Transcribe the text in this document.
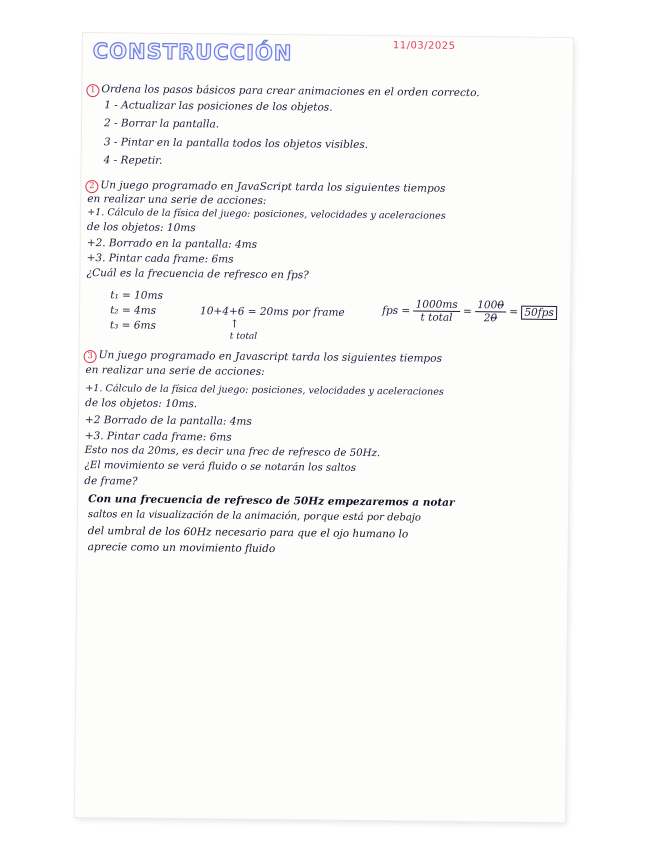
CONSTRUCCIÓN	11/03/2025
1 Ordena los pasos básicos para crear animaciones en el orden correcto.
1 - Actualizar las posiciones de los objetos.
2 - Borrar la pantalla.
3 - Pintar en la pantalla todos los objetos visibles.
4 - Repetir.
2 Un juego programado en JavaScript tarda los siguientes tiempos
en realizar una serie de acciones:
+1. Cálculo de la física del juego: posiciones, velocidades y aceleraciones
de los objetos: 10ms
+2. Borrado en la pantalla: 4ms
+3. Pintar cada frame: 6ms
¿Cuál es la frecuencia de refresco en fps?
t₁ = 10ms
t₂ = 4ms
t₃ = 6ms
10+4+6 = 20ms por frame
↑
t total
fps = $\frac{1000ms}{\text{t total}} = \frac{1000}{20} = 50fps$
3 Un juego programado en Javascript tarda los siguientes tiempos
en realizar una serie de acciones:
+1. Cálculo de la física del juego: posiciones, velocidades y aceleraciones
de los objetos: 10ms.
+2 Borrado de la pantalla: 4ms
+3. Pintar cada frame: 6ms
Esto nos da 20ms, es decir una frec de refresco de 50Hz.
¿El movimiento se verá fluido o se notarán los saltos
de frame?
Con una frecuencia de refresco de 50Hz empezaremos a notar
saltos en la visualización de la animación, porque está por debajo
del umbral de los 60Hz necesario para que el ojo humano lo
aprecie como un movimiento fluido
